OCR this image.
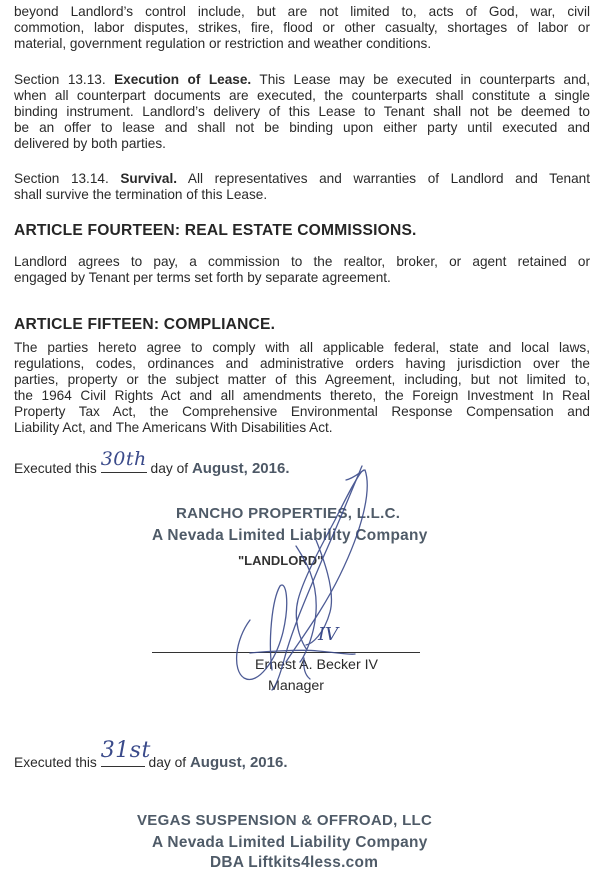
beyond Landlord’s control include, but are not limited to, acts of God, war, civil
commotion, labor disputes, strikes, fire, flood or other casualty, shortages of labor or
material, government regulation or restriction and weather conditions.
Section 13.13. Execution of Lease. This Lease may be executed in counterparts and,
when all counterpart documents are executed, the counterparts shall constitute a single
binding instrument. Landlord’s delivery of this Lease to Tenant shall not be deemed to
be an offer to lease and shall not be binding upon either party until executed and
delivered by both parties.
Section 13.14. Survival. All representatives and warranties of Landlord and Tenant
shall survive the termination of this Lease.
ARTICLE FOURTEEN: REAL ESTATE COMMISSIONS.
Landlord agrees to pay, a commission to the realtor, broker, or agent retained or
engaged by Tenant per terms set forth by separate agreement.
ARTICLE FIFTEEN: COMPLIANCE.
The parties hereto agree to comply with all applicable federal, state and local laws,
regulations, codes, ordinances and administrative orders having jurisdiction over the
parties, property or the subject matter of this Agreement, including, but not limited to,
the 1964 Civil Rights Act and all amendments thereto, the Foreign Investment In Real
Property Tax Act, the Comprehensive Environmental Response Compensation and
Liability Act, and The Americans With Disabilities Act.
Executed this 30th day of August, 2016.
RANCHO PROPERTIES, L.L.C.
A Nevada Limited Liability Company
"LANDLORD"
Ernest A. Becker IV
Manager
Executed this 31st
day of August, 2016.
VEGAS SUSPENSION & OFFROAD, LLC
A Nevada Limited Liability Company
DBA Liftkits4less.com
IV
